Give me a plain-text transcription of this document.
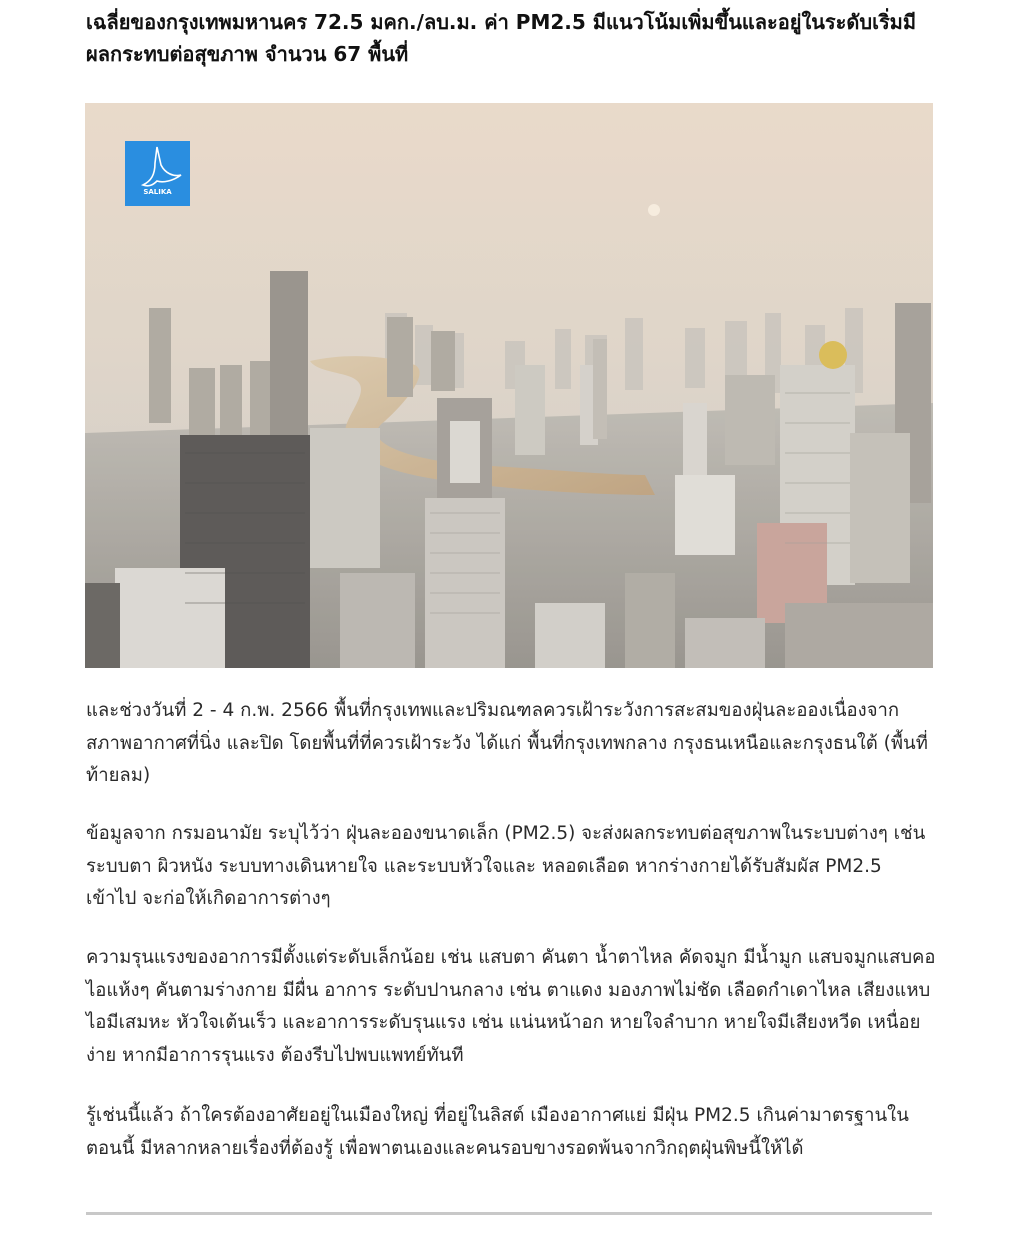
เฉลี่ยของกรุงเทพมหานคร 72.5 มคก./ลบ.ม. ค่า PM2.5 มีแนวโน้มเพิ่มขึ้นและอยู่ในระดับเริ่มมีผลกระทบต่อสุขภาพ จำนวน 67 พื้นที่
SALIKA

และช่วงวันที่ 2 - 4 ก.พ. 2566 พื้นที่กรุงเทพและปริมณฑลควรเฝ้าระวังการสะสมของฝุ่นละอองเนื่องจากสภาพอากาศที่นิ่ง และปิด โดยพื้นที่ที่ควรเฝ้าระวัง ได้แก่ พื้นที่กรุงเทพกลาง กรุงธนเหนือและกรุงธนใต้ (พื้นที่ท้ายลม)

ข้อมูลจาก กรมอนามัย ระบุไว้ว่า ฝุ่นละอองขนาดเล็ก (PM2.5) จะส่งผลกระทบต่อสุขภาพในระบบต่างๆ เช่น ระบบตา ผิวหนัง ระบบทางเดินหายใจ และระบบหัวใจและ หลอดเลือด หากร่างกายได้รับสัมผัส PM2.5 เข้าไป จะก่อให้เกิดอาการต่างๆ

ความรุนแรงของอาการมีตั้งแต่ระดับเล็กน้อย เช่น แสบตา คันตา น้ำตาไหล คัดจมูก มีน้ำมูก แสบจมูกแสบคอ ไอแห้งๆ คันตามร่างกาย มีผื่น อาการ ระดับปานกลาง เช่น ตาแดง มองภาพไม่ชัด เลือดกำเดาไหล เสียงแหบ ไอมีเสมหะ หัวใจเต้นเร็ว และอาการระดับรุนแรง เช่น แน่นหน้าอก หายใจลำบาก หายใจมีเสียงหวีด เหนื่อยง่าย หากมีอาการรุนแรง ต้องรีบไปพบแพทย์ทันที

รู้เช่นนี้แล้ว ถ้าใครต้องอาศัยอยู่ในเมืองใหญ่ ที่อยู่ในลิสต์ เมืองอากาศแย่ มีฝุ่น PM2.5 เกินค่ามาตรฐานในตอนนี้ มีหลากหลายเรื่องที่ต้องรู้ เพื่อพาตนเองและคนรอบขางรอดพ้นจากวิกฤตฝุ่นพิษนี้ให้ได้
